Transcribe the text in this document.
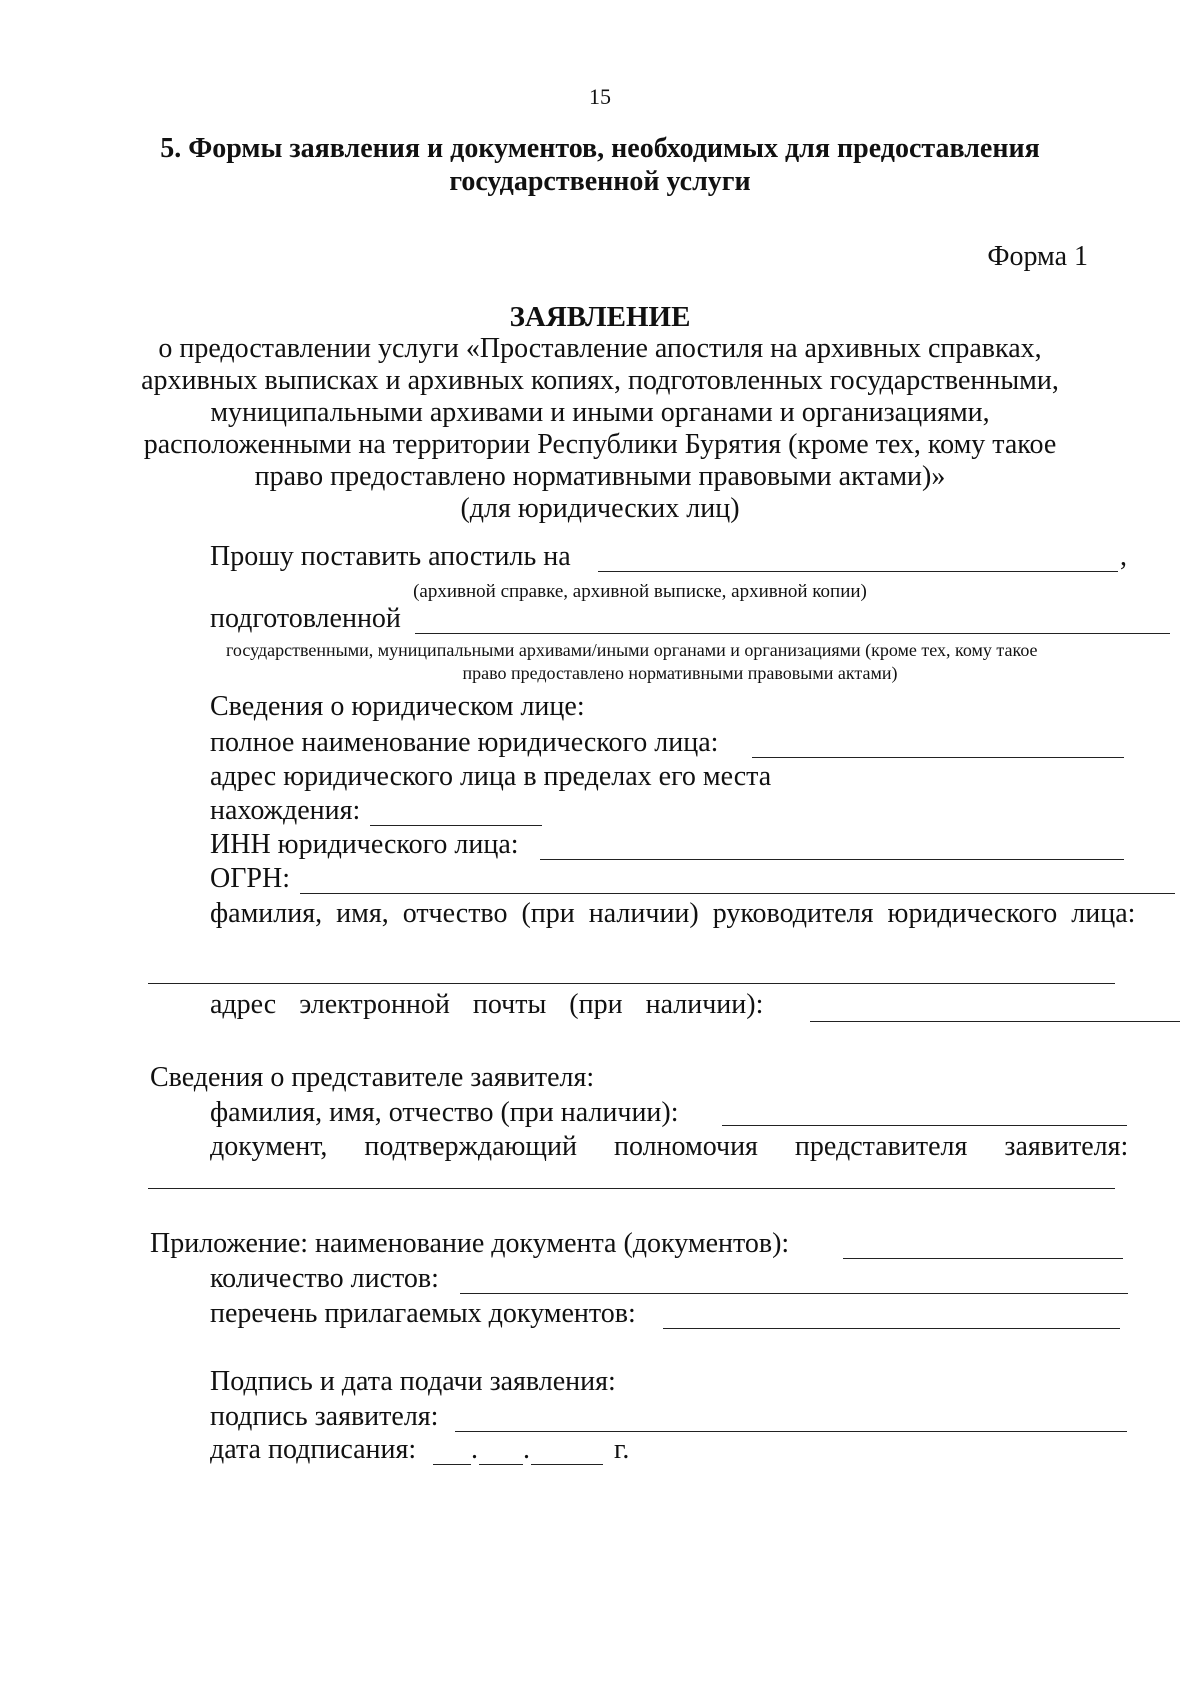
15
5. Формы заявления и документов, необходимых для предоставления
государственной услуги
Форма 1
ЗАЯВЛЕНИЕ
о предоставлении услуги «Проставление апостиля на архивных справках,
архивных выписках и архивных копиях, подготовленных государственными,
муниципальными архивами и иными органами и организациями,
расположенными на территории Республики Бурятия (кроме тех, кому такое
право предоставлено нормативными правовыми актами)»
(для юридических лиц)
Прошу поставить апостиль на	,
(архивной справке, архивной выписке, архивной копии)
подготовленной
государственными, муниципальными архивами/иными органами и организациями (кроме тех, кому такое
право предоставлено нормативными правовыми актами)
Сведения о юридическом лице:
полное наименование юридического лица:
адрес юридического лица в пределах его места
нахождения:
ИНН юридического лица:
ОГРН:
фамилия, имя, отчество (при наличии) руководителя юридического лица:
адрес электронной почты (при наличии):
Сведения о представителе заявителя:
фамилия, имя, отчество (при наличии):
документ, подтверждающий полномочия представителя заявителя:
Приложение: наименование документа (документов):
количество листов:
перечень прилагаемых документов:
Подпись и дата подачи заявления:
подпись заявителя:
дата подписания: . .	г.
